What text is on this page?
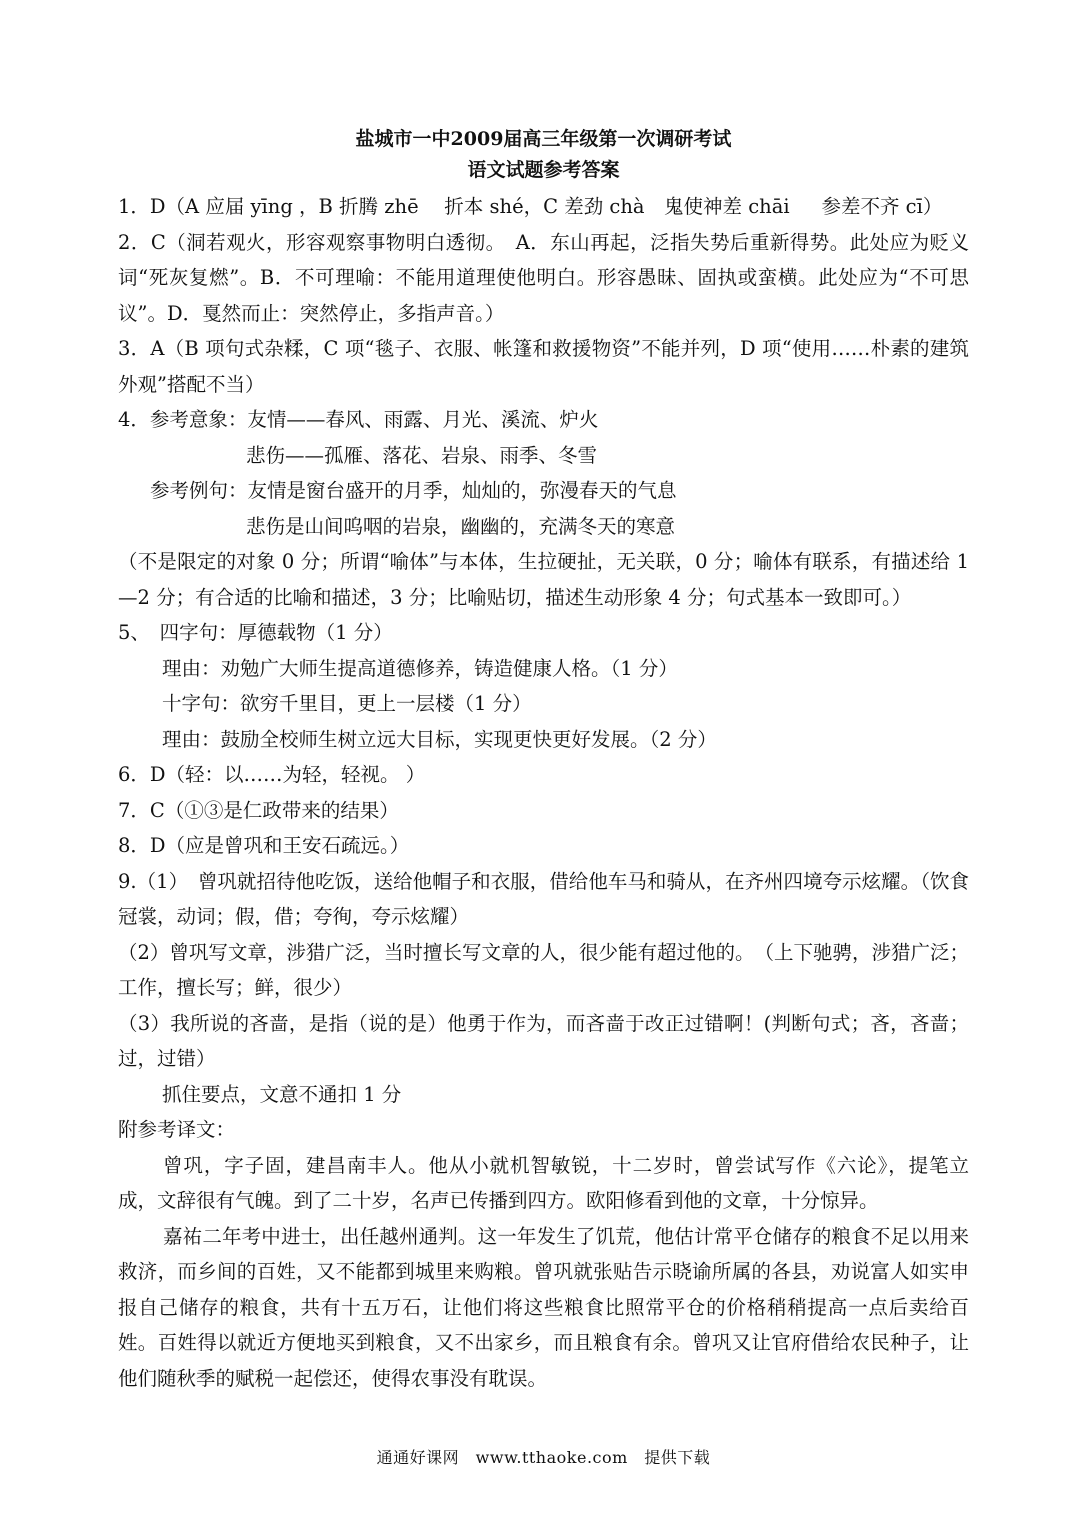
盐城市一中2009届高三年级第一次调研考试

语文试题参考答案

1．D（A 应届 yīng ，B 折腾 zhē　 折本 shé，C 差劲 chà　鬼使神差 chāi 　 参差不齐 cī）

2．C（洞若观火，形容观察事物明白透彻。　A．东山再起，泛指失势后重新得势。此处应为贬义词“死灰复燃”。B．不可理喻：不能用道理使他明白。形容愚昧、固执或蛮横。此处应为“不可思议”。D．戛然而止：突然停止，多指声音。）

3．A（B 项句式杂糅，C 项“毯子、衣服、帐篷和救援物资”不能并列，D 项“使用……朴素的建筑外观”搭配不当）

4．参考意象：友情——春风、雨露、月光、溪流、炉火

悲伤——孤雁、落花、岩泉、雨季、冬雪

参考例句：友情是窗台盛开的月季，灿灿的，弥漫春天的气息

悲伤是山间呜咽的岩泉，幽幽的，充满冬天的寒意

（不是限定的对象 0 分；所谓“喻体”与本体，生拉硬扯，无关联，0 分；喻体有联系，有描述给 1—2 分；有合适的比喻和描述，3 分；比喻贴切，描述生动形象 4 分；句式基本一致即可。）

5、　四字句：厚德载物（1 分）

理由：劝勉广大师生提高道德修养，铸造健康人格。（1 分）

十字句：欲穷千里目，更上一层楼（1 分）

理由：鼓励全校师生树立远大目标，实现更快更好发展。（2 分）

6．D（轻：以……为轻，轻视。 ）

7．C（①③是仁政带来的结果）

8．D（应是曾巩和王安石疏远。）

9.（1）　曾巩就招待他吃饭，送给他帽子和衣服，借给他车马和骑从，在齐州四境夸示炫耀。（饮食冠裳，动词；假，借；夸徇，夸示炫耀）

（2）曾巩写文章，涉猎广泛，当时擅长写文章的人，很少能有超过他的。　（上下驰骋，涉猎广泛；工作，擅长写；鲜，很少）

（3）我所说的吝啬，是指（说的是）他勇于作为，而吝啬于改正过错啊！(判断句式；吝，吝啬；过，过错）

抓住要点，文意不通扣 1 分

附参考译文：

曾巩，字子固，建昌南丰人。他从小就机智敏锐，十二岁时，曾尝试写作《六论》，提笔立成，文辞很有气魄。到了二十岁，名声已传播到四方。欧阳修看到他的文章，十分惊异。

嘉祐二年考中进士，出任越州通判。这一年发生了饥荒，他估计常平仓储存的粮食不足以用来救济，而乡间的百姓，又不能都到城里来购粮。曾巩就张贴告示晓谕所属的各县，劝说富人如实申报自己储存的粮食，共有十五万石，让他们将这些粮食比照常平仓的价格稍稍提高一点后卖给百姓。百姓得以就近方便地买到粮食，又不出家乡，而且粮食有余。曾巩又让官府借给农民种子，让他们随秋季的赋税一起偿还，使得农事没有耽误。

通通好课网　www.tthaoke.com　提供下载
